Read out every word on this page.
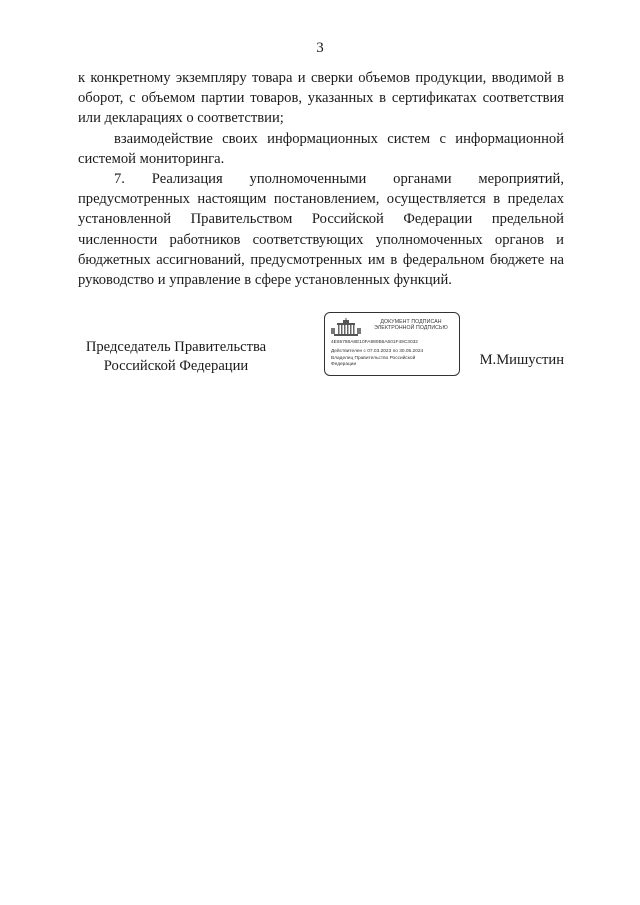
3

к конкретному экземпляру товара и сверки объемов продукции, вводимой в оборот, с объемом партии товаров, указанных в сертификатах соответствия или декларациях о соответствии;

взаимодействие своих информационных систем с информационной системой мониторинга.

7. Реализация уполномоченными органами мероприятий, предусмотренных настоящим постановлением, осуществляется в пределах установленной Правительством Российской Федерации предельной численности работников соответствующих уполномоченных органов и бюджетных ассигнований, предусмотренных им в федеральном бюджете на руководство и управление в сфере установленных функций.

Председатель Правительства
Российской Федерации
ДОКУМЕНТ ПОДПИСАН
ЭЛЕКТРОННОЙ ПОДПИСЬЮ
4E65788A8E10FA980B6A601F49C3032
Действителен с 07.03.2023 по 30.05.2024
Владелец Правительство Российской
Федерации	М.Мишустин
